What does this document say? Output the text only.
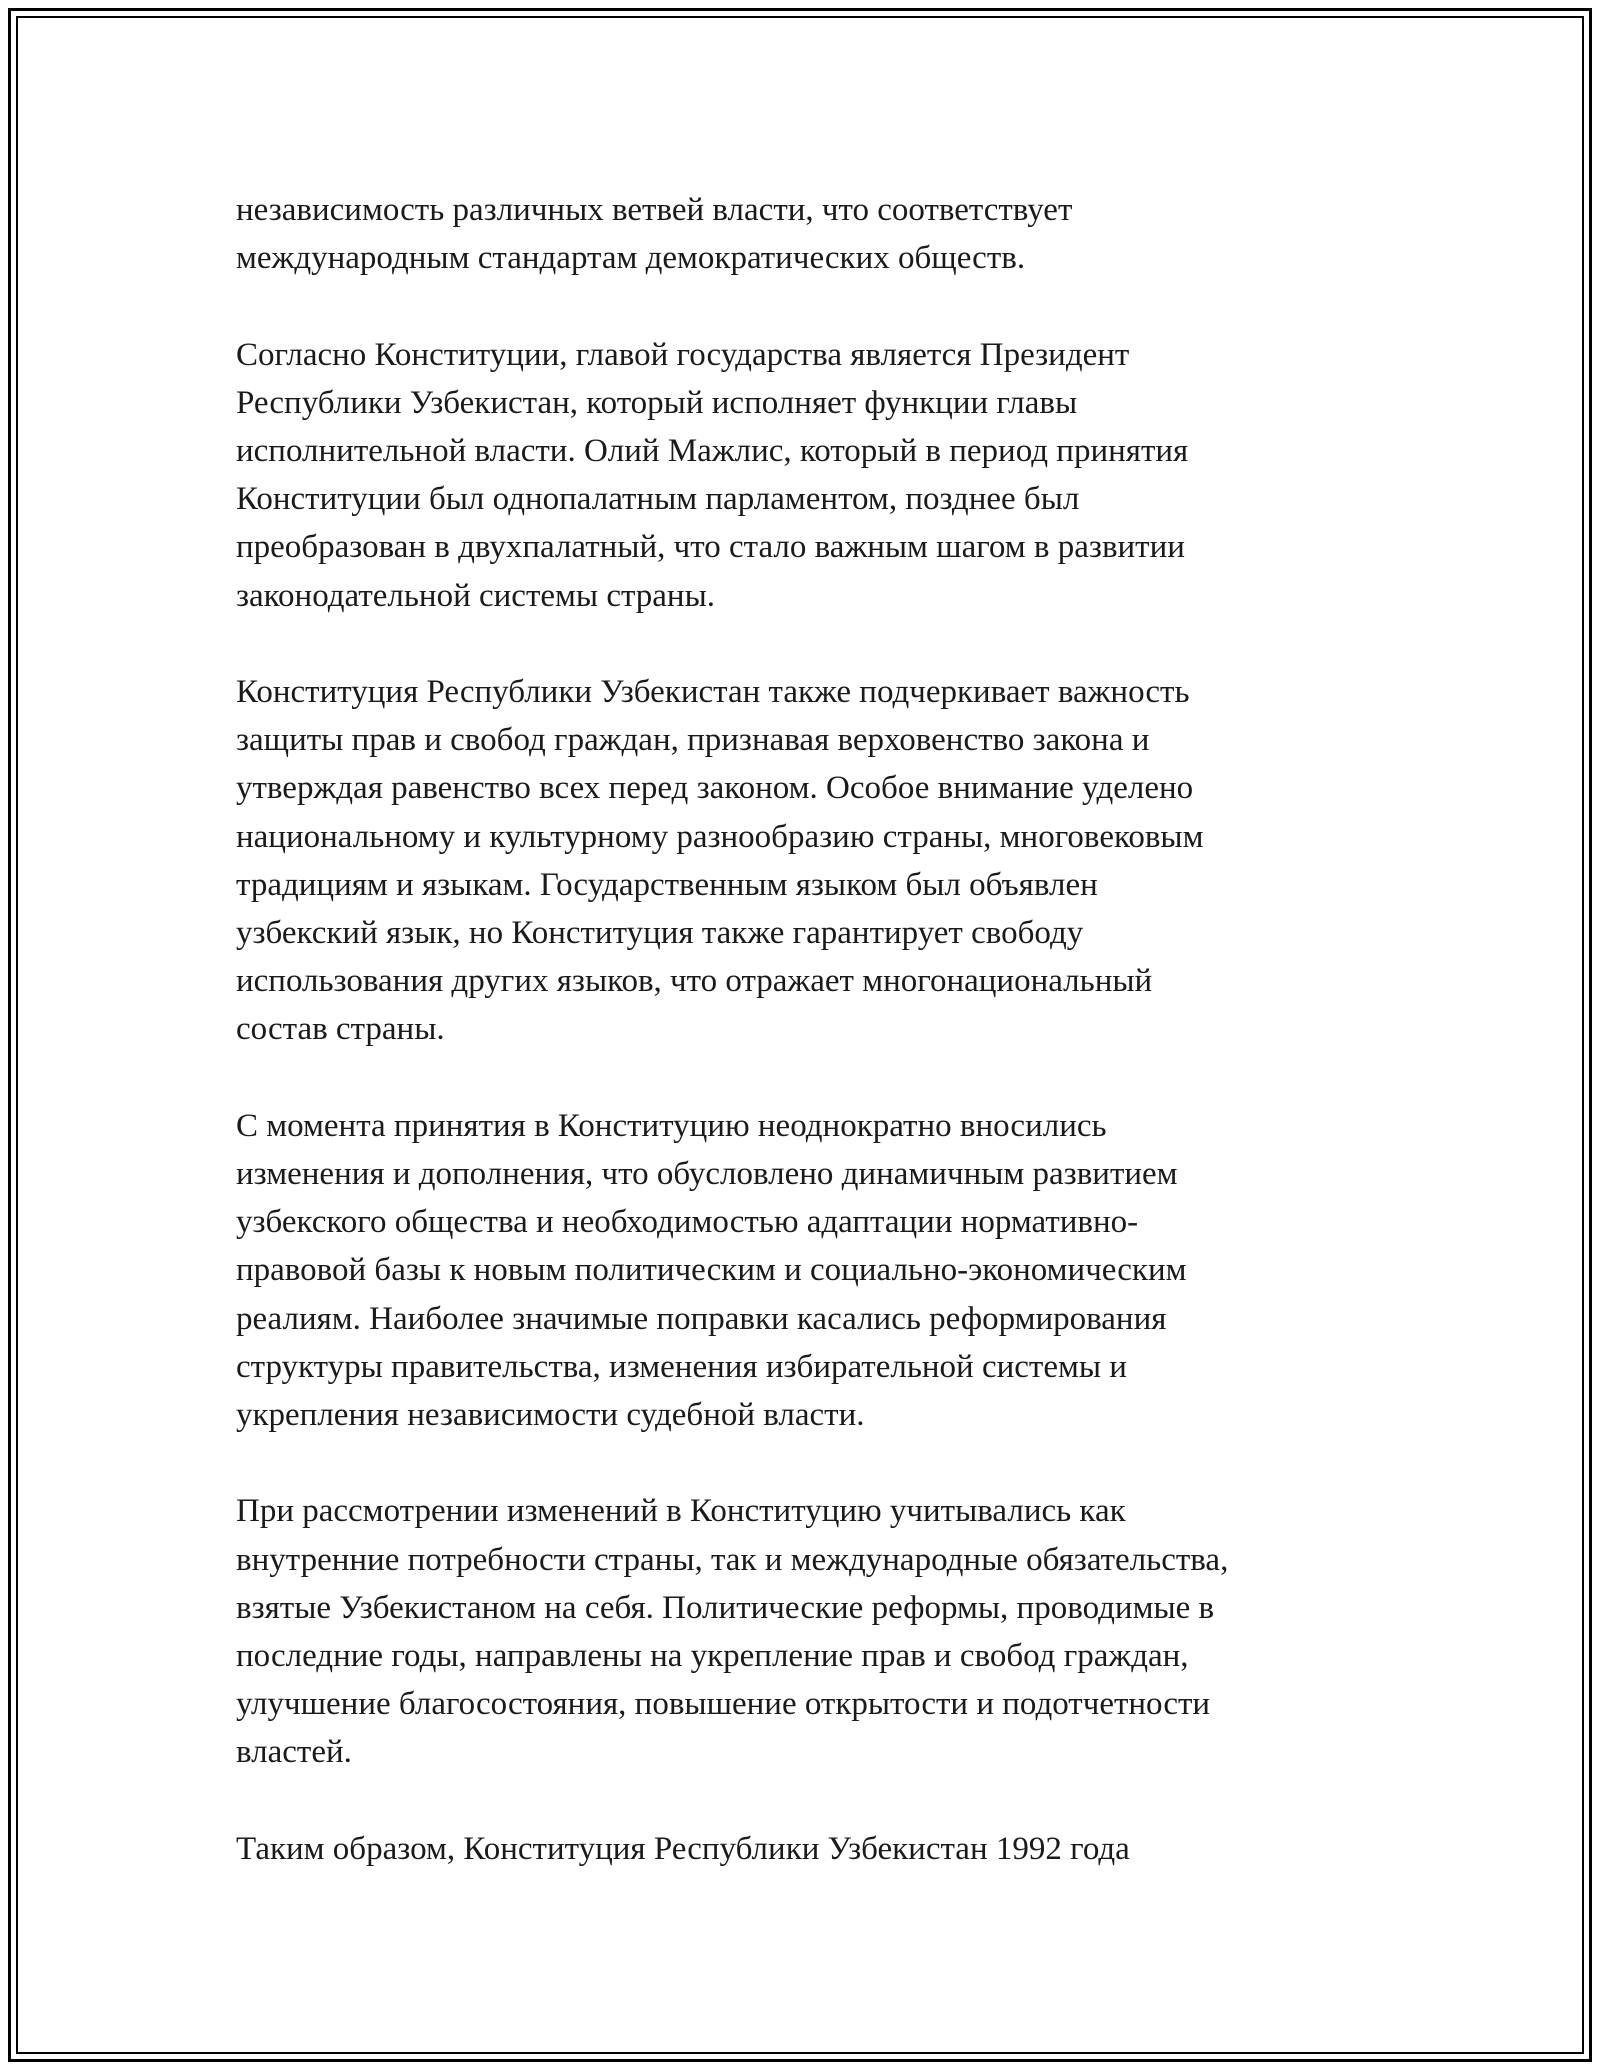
независимость различных ветвей власти, что соответствует
международным стандартам демократических обществ.

Согласно Конституции, главой государства является Президент
Республики Узбекистан, который исполняет функции главы
исполнительной власти. Олий Мажлис, который в период принятия
Конституции был однопалатным парламентом, позднее был
преобразован в двухпалатный, что стало важным шагом в развитии
законодательной системы страны.

Конституция Республики Узбекистан также подчеркивает важность
защиты прав и свобод граждан, признавая верховенство закона и
утверждая равенство всех перед законом. Особое внимание уделено
национальному и культурному разнообразию страны, многовековым
традициям и языкам. Государственным языком был объявлен
узбекский язык, но Конституция также гарантирует свободу
использования других языков, что отражает многонациональный
состав страны.

С момента принятия в Конституцию неоднократно вносились
изменения и дополнения, что обусловлено динамичным развитием
узбекского общества и необходимостью адаптации нормативно-
правовой базы к новым политическим и социально-экономическим
реалиям. Наиболее значимые поправки касались реформирования
структуры правительства, изменения избирательной системы и
укрепления независимости судебной власти.

При рассмотрении изменений в Конституцию учитывались как
внутренние потребности страны, так и международные обязательства,
взятые Узбекистаном на себя. Политические реформы, проводимые в
последние годы, направлены на укрепление прав и свобод граждан,
улучшение благосостояния, повышение открытости и подотчетности
властей.

Таким образом, Конституция Республики Узбекистан 1992 года
